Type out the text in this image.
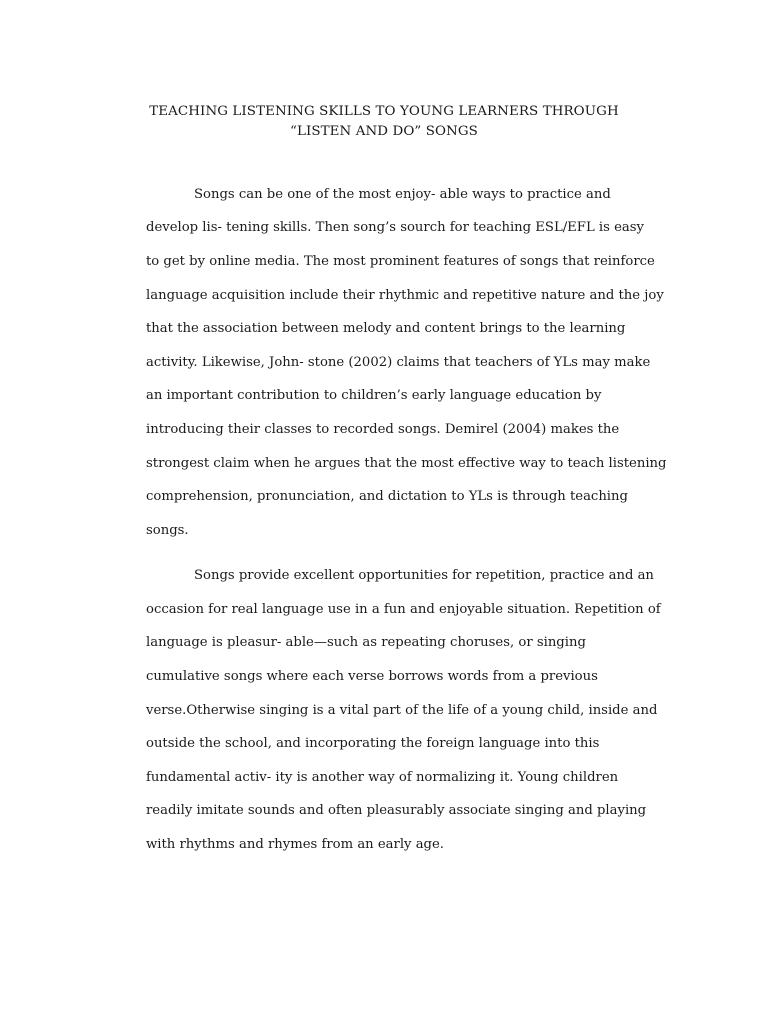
TEACHING LISTENING SKILLS TO YOUNG LEARNERS THROUGH
“LISTEN AND DO” SONGS
Songs can be one of the most enjoy- able ways to practice and
develop lis- tening skills. Then song’s sourch for teaching ESL/EFL is easy
to get by online media. The most prominent features of songs that reinforce
language acquisition include their rhythmic and repetitive nature and the joy
that the association between melody and content brings to the learning
activity. Likewise, John- stone (2002) claims that teachers of YLs may make
an important contribution to children’s early language education by
introducing their classes to recorded songs. Demirel (2004) makes the
strongest claim when he argues that the most effective way to teach listening
comprehension, pronunciation, and dictation to YLs is through teaching
songs.
Songs provide excellent opportunities for repetition, practice and an
occasion for real language use in a fun and enjoyable situation. Repetition of
language is pleasur- able—such as repeating choruses, or singing
cumulative songs where each verse borrows words from a previous
verse.Otherwise singing is a vital part of the life of a young child, inside and
outside the school, and incorporating the foreign language into this
fundamental activ- ity is another way of normalizing it. Young children
readily imitate sounds and often pleasurably associate singing and playing
with rhythms and rhymes from an early age.
